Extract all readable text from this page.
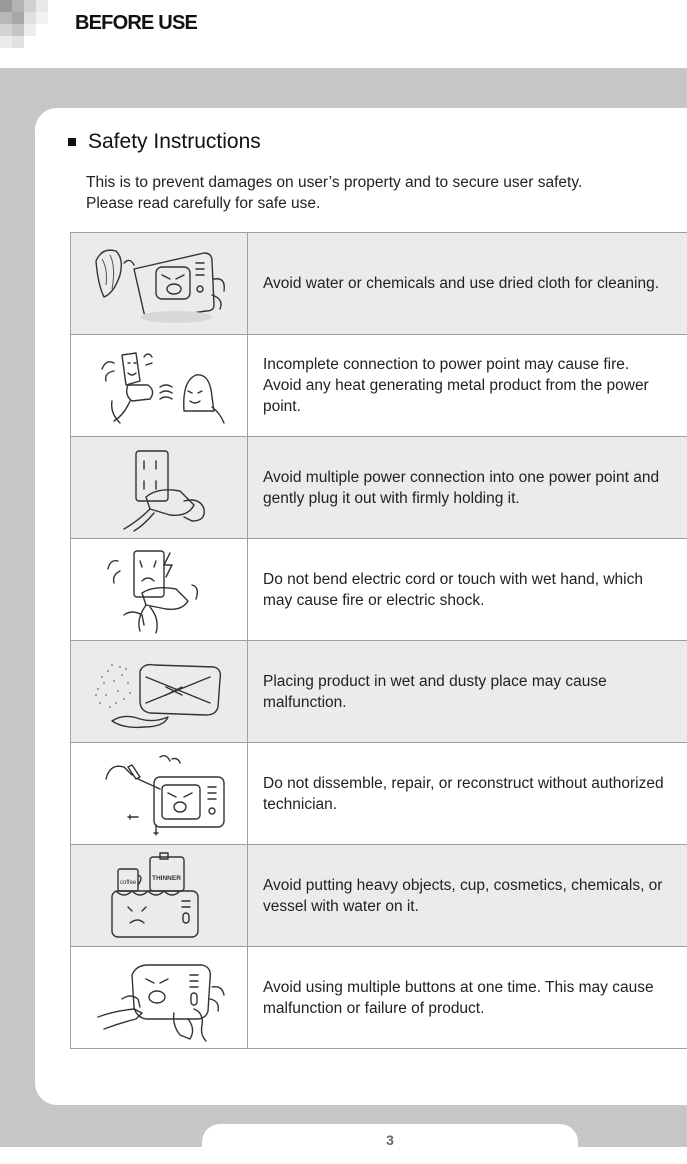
BEFORE USE
Safety Instructions
This is to prevent damages on user’s property and to secure user safety.
Please read carefully for safe use.
Avoid water or chemicals and use dried cloth for cleaning.
Incomplete connection to power point may cause fire.
Avoid any heat generating metal product from the power
point.
Avoid multiple power connection into one power point and
gently plug it out with firmly holding it.
Do not bend electric cord or touch with wet hand, which
may cause fire or electric shock.
Placing product in wet and dusty place may cause
malfunction.
Do not dissemble, repair, or reconstruct without authorized
technician.
coffee
THINNER	Avoid putting heavy objects, cup, cosmetics, chemicals, or
vessel with water on it.
Avoid using multiple buttons at one time. This may cause
malfunction or failure of product.
3
